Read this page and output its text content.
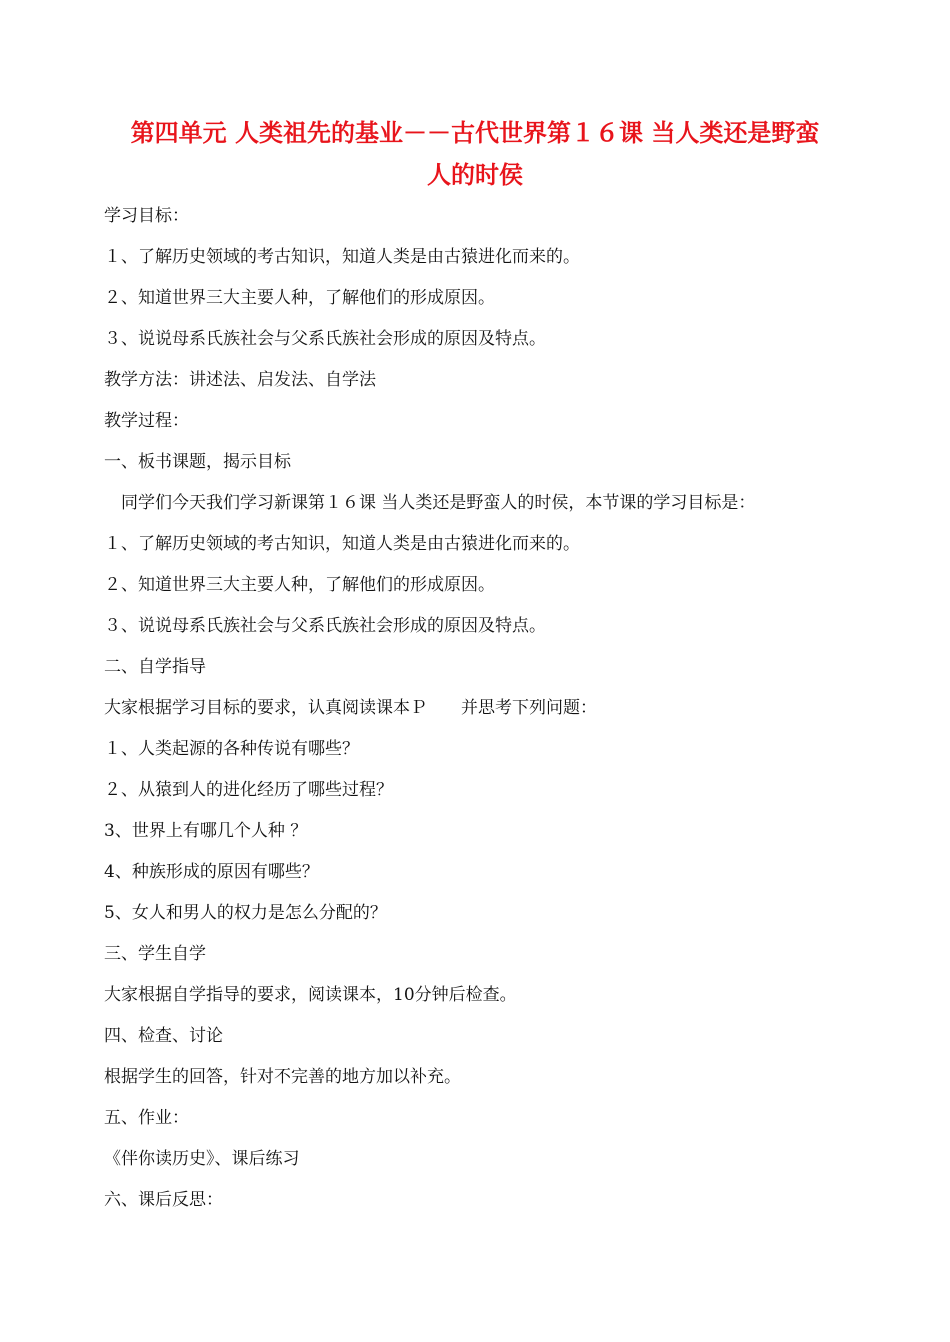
第四单元 人类祖先的基业－－古代世界第１６课 当人类还是野蛮
人的时侯
学习目标：
１、了解历史领域的考古知识，知道人类是由古猿进化而来的。
２、知道世界三大主要人种，了解他们的形成原因。
３、说说母系氏族社会与父系氏族社会形成的原因及特点。
教学方法：讲述法、启发法、自学法
教学过程：
一、板书课题，揭示目标
　同学们今天我们学习新课第１６课 当人类还是野蛮人的时侯，本节课的学习目标是：
１、了解历史领域的考古知识，知道人类是由古猿进化而来的。
２、知道世界三大主要人种，了解他们的形成原因。
３、说说母系氏族社会与父系氏族社会形成的原因及特点。
二、自学指导
大家根据学习目标的要求，认真阅读课本Ｐ　　并思考下列问题：
１、人类起源的各种传说有哪些？
２、从猿到人的进化经历了哪些过程？
3、世界上有哪几个人种 ？
4、种族形成的原因有哪些？
5、女人和男人的权力是怎么分配的？
三、学生自学
大家根据自学指导的要求，阅读课本，10分钟后检查。
四、检查、讨论
根据学生的回答，针对不完善的地方加以补充。
五、作业：
《伴你读历史》、课后练习
六、课后反思：
